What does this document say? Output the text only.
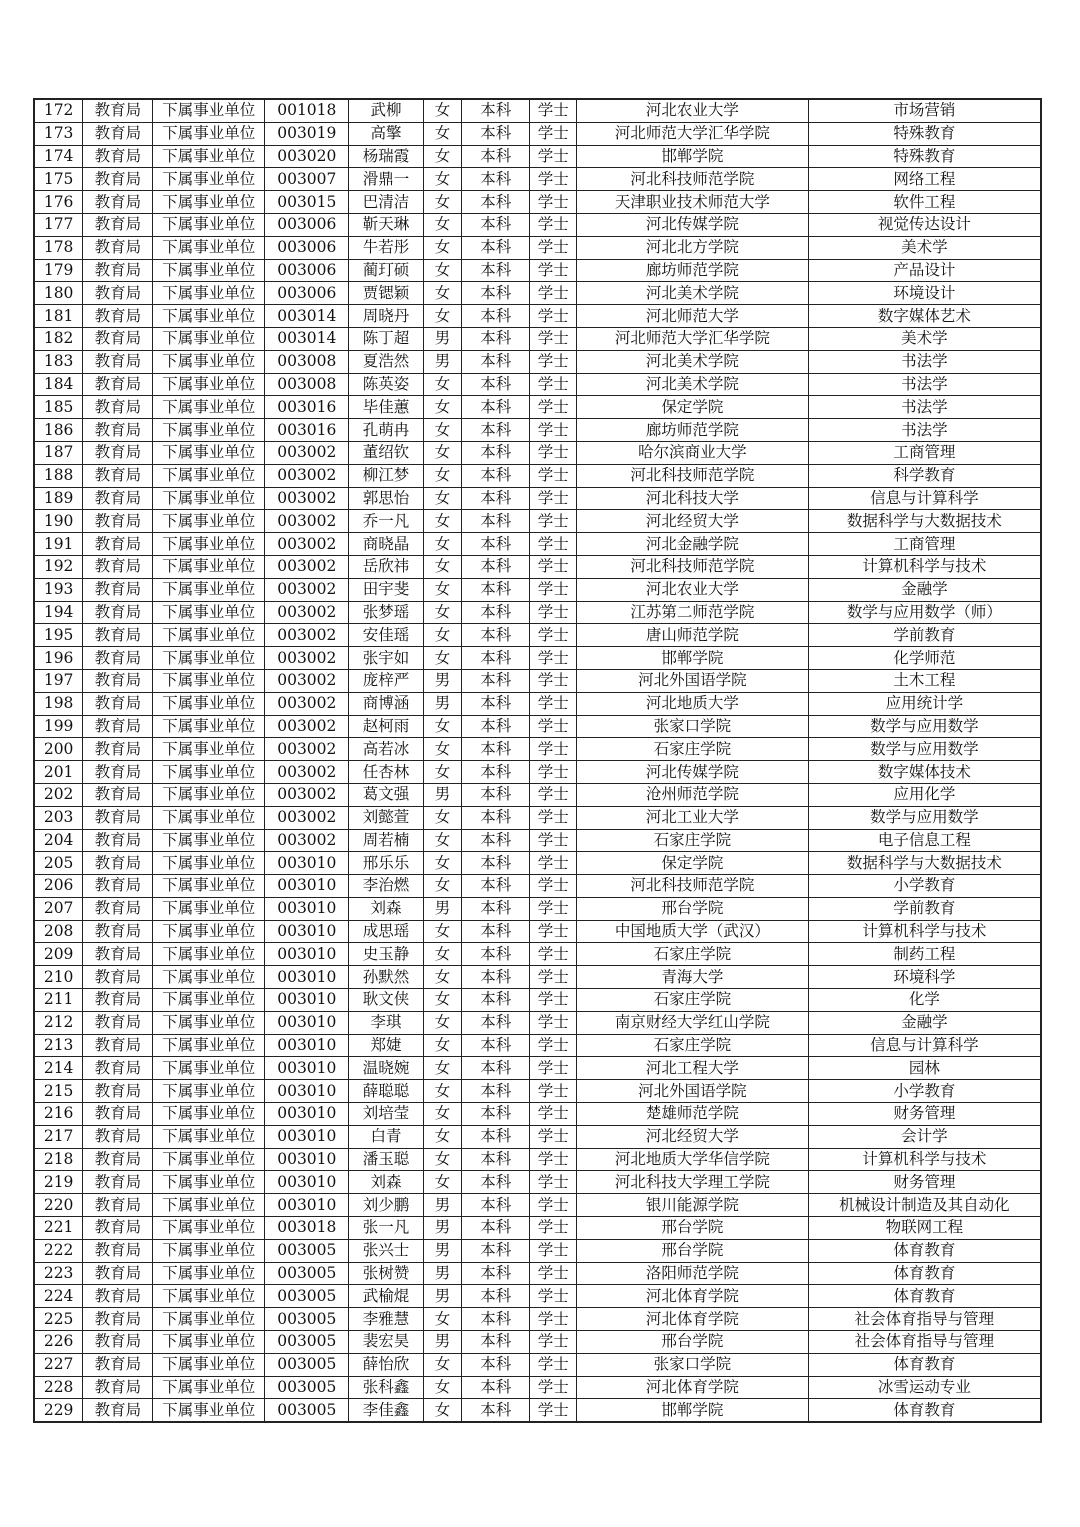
172	教育局	下属事业单位	001018	武柳	女	本科	学士	河北农业大学	市场营销
173	教育局	下属事业单位	003019	高擎	女	本科	学士	河北师范大学汇华学院	特殊教育
174	教育局	下属事业单位	003020	杨瑞霞	女	本科	学士	邯郸学院	特殊教育
175	教育局	下属事业单位	003007	滑鼎一	女	本科	学士	河北科技师范学院	网络工程
176	教育局	下属事业单位	003015	巴清洁	女	本科	学士	天津职业技术师范大学	软件工程
177	教育局	下属事业单位	003006	靳天琳	女	本科	学士	河北传媒学院	视觉传达设计
178	教育局	下属事业单位	003006	牛若彤	女	本科	学士	河北北方学院	美术学
179	教育局	下属事业单位	003006	蔺玎硕	女	本科	学士	廊坊师范学院	产品设计
180	教育局	下属事业单位	003006	贾锶颖	女	本科	学士	河北美术学院	环境设计
181	教育局	下属事业单位	003014	周晓丹	女	本科	学士	河北师范大学	数字媒体艺术
182	教育局	下属事业单位	003014	陈丁超	男	本科	学士	河北师范大学汇华学院	美术学
183	教育局	下属事业单位	003008	夏浩然	男	本科	学士	河北美术学院	书法学
184	教育局	下属事业单位	003008	陈英姿	女	本科	学士	河北美术学院	书法学
185	教育局	下属事业单位	003016	毕佳蕙	女	本科	学士	保定学院	书法学
186	教育局	下属事业单位	003016	孔萌冉	女	本科	学士	廊坊师范学院	书法学
187	教育局	下属事业单位	003002	董绍钦	女	本科	学士	哈尔滨商业大学	工商管理
188	教育局	下属事业单位	003002	柳江梦	女	本科	学士	河北科技师范学院	科学教育
189	教育局	下属事业单位	003002	郭思怡	女	本科	学士	河北科技大学	信息与计算科学
190	教育局	下属事业单位	003002	乔一凡	女	本科	学士	河北经贸大学	数据科学与大数据技术
191	教育局	下属事业单位	003002	商晓晶	女	本科	学士	河北金融学院	工商管理
192	教育局	下属事业单位	003002	岳欣祎	女	本科	学士	河北科技师范学院	计算机科学与技术
193	教育局	下属事业单位	003002	田宇斐	女	本科	学士	河北农业大学	金融学
194	教育局	下属事业单位	003002	张梦瑶	女	本科	学士	江苏第二师范学院	数学与应用数学（师）
195	教育局	下属事业单位	003002	安佳瑶	女	本科	学士	唐山师范学院	学前教育
196	教育局	下属事业单位	003002	张宇如	女	本科	学士	邯郸学院	化学师范
197	教育局	下属事业单位	003002	庞梓严	男	本科	学士	河北外国语学院	土木工程
198	教育局	下属事业单位	003002	商博涵	男	本科	学士	河北地质大学	应用统计学
199	教育局	下属事业单位	003002	赵柯雨	女	本科	学士	张家口学院	数学与应用数学
200	教育局	下属事业单位	003002	高若冰	女	本科	学士	石家庄学院	数学与应用数学
201	教育局	下属事业单位	003002	任杏林	女	本科	学士	河北传媒学院	数字媒体技术
202	教育局	下属事业单位	003002	葛文强	男	本科	学士	沧州师范学院	应用化学
203	教育局	下属事业单位	003002	刘懿萱	女	本科	学士	河北工业大学	数学与应用数学
204	教育局	下属事业单位	003002	周若楠	女	本科	学士	石家庄学院	电子信息工程
205	教育局	下属事业单位	003010	邢乐乐	女	本科	学士	保定学院	数据科学与大数据技术
206	教育局	下属事业单位	003010	李治燃	女	本科	学士	河北科技师范学院	小学教育
207	教育局	下属事业单位	003010	刘森	男	本科	学士	邢台学院	学前教育
208	教育局	下属事业单位	003010	成思瑶	女	本科	学士	中国地质大学（武汉）	计算机科学与技术
209	教育局	下属事业单位	003010	史玉静	女	本科	学士	石家庄学院	制药工程
210	教育局	下属事业单位	003010	孙默然	女	本科	学士	青海大学	环境科学
211	教育局	下属事业单位	003010	耿文侠	女	本科	学士	石家庄学院	化学
212	教育局	下属事业单位	003010	李琪	女	本科	学士	南京财经大学红山学院	金融学
213	教育局	下属事业单位	003010	郑婕	女	本科	学士	石家庄学院	信息与计算科学
214	教育局	下属事业单位	003010	温晓婉	女	本科	学士	河北工程大学	园林
215	教育局	下属事业单位	003010	薛聪聪	女	本科	学士	河北外国语学院	小学教育
216	教育局	下属事业单位	003010	刘培莹	女	本科	学士	楚雄师范学院	财务管理
217	教育局	下属事业单位	003010	白青	女	本科	学士	河北经贸大学	会计学
218	教育局	下属事业单位	003010	潘玉聪	女	本科	学士	河北地质大学华信学院	计算机科学与技术
219	教育局	下属事业单位	003010	刘森	女	本科	学士	河北科技大学理工学院	财务管理
220	教育局	下属事业单位	003010	刘少鹏	男	本科	学士	银川能源学院	机械设计制造及其自动化
221	教育局	下属事业单位	003018	张一凡	男	本科	学士	邢台学院	物联网工程
222	教育局	下属事业单位	003005	张兴士	男	本科	学士	邢台学院	体育教育
223	教育局	下属事业单位	003005	张树赞	男	本科	学士	洛阳师范学院	体育教育
224	教育局	下属事业单位	003005	武榆焜	男	本科	学士	河北体育学院	体育教育
225	教育局	下属事业单位	003005	李雅慧	女	本科	学士	河北体育学院	社会体育指导与管理
226	教育局	下属事业单位	003005	裴宏昊	男	本科	学士	邢台学院	社会体育指导与管理
227	教育局	下属事业单位	003005	薛怡欣	女	本科	学士	张家口学院	体育教育
228	教育局	下属事业单位	003005	张科鑫	女	本科	学士	河北体育学院	冰雪运动专业
229	教育局	下属事业单位	003005	李佳鑫	女	本科	学士	邯郸学院	体育教育
